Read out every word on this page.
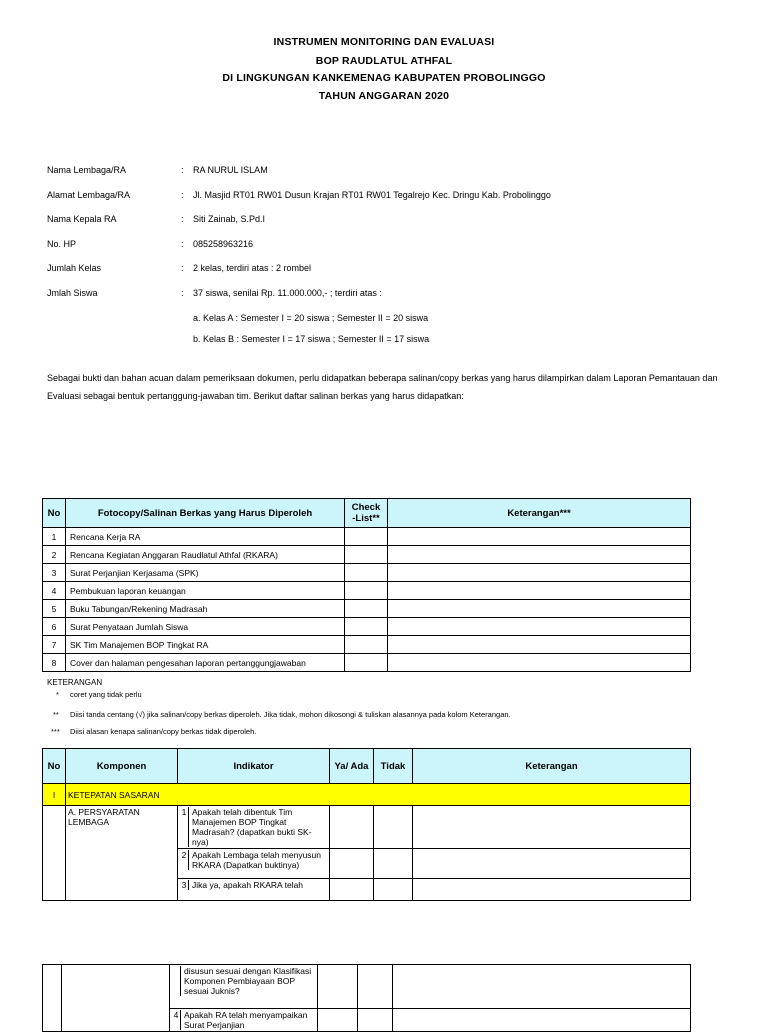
INSTRUMEN MONITORING DAN EVALUASI
BOP RAUDLATUL ATHFAL
DI LINGKUNGAN KANKEMENAG KABUPATEN PROBOLINGGO
TAHUN ANGGARAN 2020
Nama Lembaga/RA	: RA NURUL ISLAM
Alamat Lembaga/RA	: Jl. Masjid RT01 RW01 Dusun Krajan RT01 RW01 Tegalrejo Kec. Dringu Kab. Probolinggo
Nama Kepala RA	: Siti Zainab, S.Pd.I
No. HP	: 085258963216
Jumlah Kelas	: 2 kelas, terdiri atas : 2 rombel
Jmlah Siswa	: 37 siswa, senilai Rp. 11.000.000,- ; terdiri atas :
a. Kelas A : Semester I = 20 siswa ; Semester II = 20 siswa
b. Kelas B : Semester I = 17 siswa ; Semester II = 17 siswa
Sebagai bukti dan bahan acuan dalam pemeriksaan dokumen, perlu didapatkan beberapa salinan/copy berkas yang harus dilampirkan dalam Laporan Pemantauan dan Evaluasi sebagai bentuk pertanggung-jawaban tim. Berikut daftar salinan berkas yang harus didapatkan:
No	Fotocopy/Salinan Berkas yang Harus Diperoleh	Check -List**	Keterangan***
1	Rencana Kerja RA		
2	Rencana Kegiatan Anggaran Raudlatul Athfal (RKARA)		
3	Surat Perjanjian Kerjasama (SPK)		
4	Pembukuan laporan keuangan		
5	Buku Tabungan/Rekening Madrasah		
6	Surat Penyataan Jumlah Siswa		
7	SK Tim Manajemen BOP Tingkat RA		
8	Cover dan halaman pengesahan laporan pertanggungjawaban		
KETERANGAN
* coret yang tidak perlu
** Diisi tanda centang (√) jika salinan/copy berkas diperoleh. Jika tidak, mohon dikosongi & tuliskan alasannya pada kolom Keterangan.
*** Diisi alasan kenapa salinan/copy berkas tidak diperoleh.
No	Komponen	Indikator	Ya/ Ada	Tidak	Keterangan
I	KETEPATAN SASARAN				
	A. PERSYARATAN LEMBAGA	1 Apakah telah dibentuk Tim Manajemen BOP Tingkat Madrasah? (dapatkan bukti SK-nya)			

		2 Apakah Lembaga telah menyusun RKARA (Dapatkan buktinya)			

		3 Jika ya, apakah RKARA telah			

		disusun sesuai dengan Klasifikasi Komponen Pembiayaan BOP sesuai Juknis?			

		4 Apakah RA telah menyampaikan Surat Perjanjian			
